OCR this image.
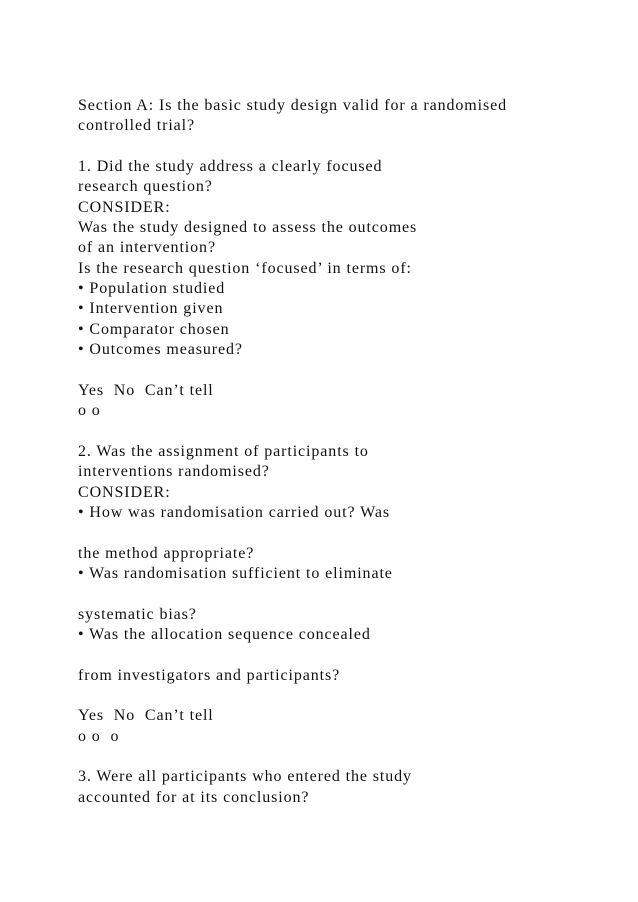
Section A: Is the basic study design valid for a randomised
controlled trial?
1. Did the study address a clearly focused
research question?
CONSIDER:
Was the study designed to assess the outcomes
of an intervention?
Is the research question ‘focused’ in terms of:
• Population studied
• Intervention given
• Comparator chosen
• Outcomes measured?
Yes  No  Can’t tell
o o
2. Was the assignment of participants to
interventions randomised?
CONSIDER:
• How was randomisation carried out? Was
the method appropriate?
• Was randomisation sufficient to eliminate
systematic bias?
• Was the allocation sequence concealed
from investigators and participants?
Yes  No  Can’t tell
o o  o
3. Were all participants who entered the study
accounted for at its conclusion?
